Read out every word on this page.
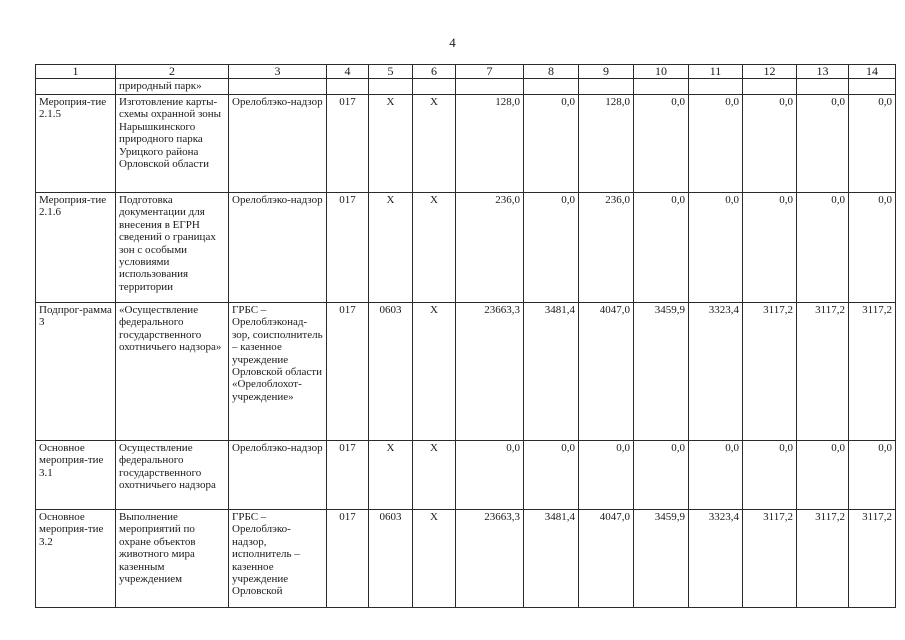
4
1	2	3	4	5	6	7	8	9	10	11	12	13	14
	природный парк»												
Мероприя-тие 2.1.5	Изготовление карты-схемы охранной зоны Нарышкинского природного парка Урицкого района Орловской области	Орелоблэко-надзор	017	Х	Х	128,0	0,0	128,0	0,0	0,0	0,0	0,0	0,0
Мероприя-тие 2.1.6	Подготовка документации для внесения в ЕГРН сведений о границах зон с особыми условиями использования территории	Орелоблэко-надзор	017	Х	Х	236,0	0,0	236,0	0,0	0,0	0,0	0,0	0,0
Подпрог-рамма 3	«Осуществление федерального государственного охотничьего надзора»	ГРБС – Орелоблэконад-зор, соисполнитель – казенное учреждение Орловской области «Орелоблохот-учреждение»	017	0603	Х	23663,3	3481,4	4047,0	3459,9	3323,4	3117,2	3117,2	3117,2
Основное мероприя-тие 3.1	Осуществление федерального государственного охотничьего надзора	Орелоблэко-надзор	017	Х	Х	0,0	0,0	0,0	0,0	0,0	0,0	0,0	0,0
Основное мероприя-тие 3.2	Выполнение мероприятий по охране объектов животного мира казенным учреждением	ГРБС – Орелоблэко-надзор, исполнитель – казенное учреждение Орловской	017	0603	Х	23663,3	3481,4	4047,0	3459,9	3323,4	3117,2	3117,2	3117,2
